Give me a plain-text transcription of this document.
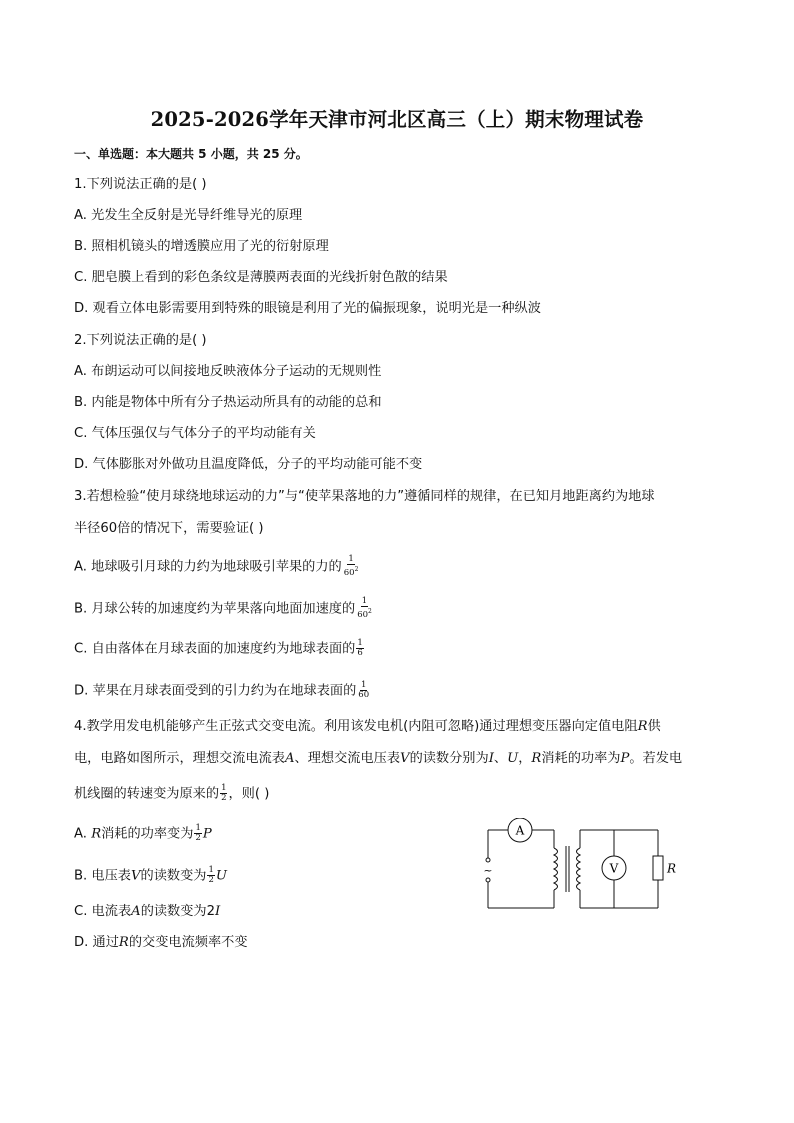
2025-2026学年天津市河北区高三（上）期末物理试卷
一、单选题：本大题共 5 小题，共 25 分。
1.下列说法正确的是( )
A. 光发生全反射是光导纤维导光的原理
B. 照相机镜头的增透膜应用了光的衍射原理
C. 肥皂膜上看到的彩色条纹是薄膜两表面的光线折射色散的结果
D. 观看立体电影需要用到特殊的眼镜是利用了光的偏振现象，说明光是一种纵波
2.下列说法正确的是( )
A. 布朗运动可以间接地反映液体分子运动的无规则性
B. 内能是物体中所有分子热运动所具有的动能的总和
C. 气体压强仅与气体分子的平均动能有关
D. 气体膨胀对外做功且温度降低，分子的平均动能可能不变
3.若想检验“使月球绕地球运动的力”与“使苹果落地的力”遵循同样的规律，在已知月地距离约为地球
半径60倍的情况下，需要验证( )
A. 地球吸引月球的力约为地球吸引苹果的力的 $\frac{1}{60^2}$
B. 月球公转的加速度约为苹果落向地面加速度的 $\frac{1}{60^2}$
C. 自由落体在月球表面的加速度约为地球表面的 $\frac{1}{6}$
D. 苹果在月球表面受到的引力约为在地球表面的 $\frac{1}{60}$
4.教学用发电机能够产生正弦式交变电流。利用该发电机(内阻可忽略)通过理想变压器向定值电阻R供
电，电路如图所示，理想交流电流表A、理想交流电压表V的读数分别为I、U，R消耗的功率为P。若发电
机线圈的转速变为原来的 $\frac{1}{2}$ ，则( )
A. R消耗的功率变为 $\frac{1}{2}$ P
B. 电压表V的读数变为 $\frac{1}{2}$ U
C. 电流表A的读数变为2I
D. 通过R的交变电流频率不变
A
V
~	R
